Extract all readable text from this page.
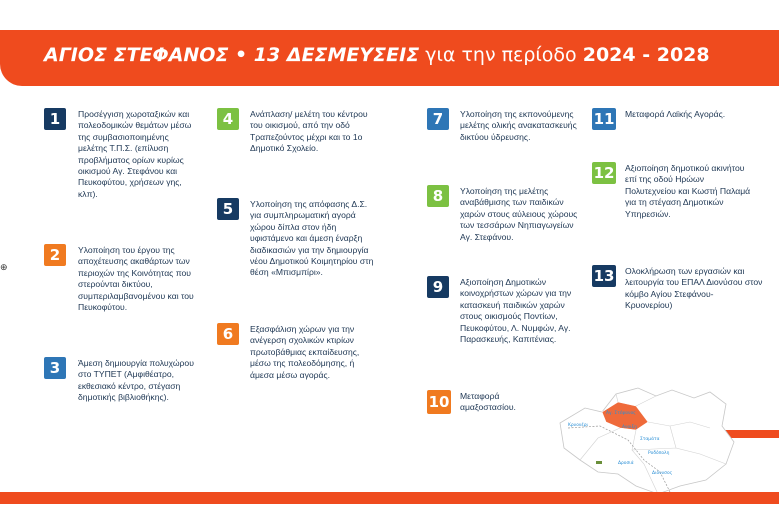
ΑΓΙΟΣ ΣΤΕΦΑΝΟΣ • 13 ΔΕΣΜΕΥΣΕΙΣ για την περίοδο 2024 - 2028
⊕
1	Προσέγγιση χωροταξικών και πολεοδομικών θεμάτων μέσω της συμβασιοποιημένης μελέτης Τ.Π.Σ. (επίλυση προβλήματος ορίων κυρίως οικισμού Αγ. Στεφάνου και Πευκοφύτου, χρήσεων γης, κλπ).
2	Υλοποίηση του έργου της αποχέτευσης ακαθάρτων των περιοχών της Κοινότητας που στερούνται δικτύου, συμπεριλαμβανομένου και του Πευκοφύτου.
3	Άμεση δημιουργία πολυχώρου στο ΤΥΠΕΤ (Αμφιθέατρο, εκθεσιακό κέντρο, στέγαση δημοτικής βιβλιοθήκης).
4	Ανάπλαση/ μελέτη του κέντρου του οικισμού, από την οδό Τραπεζούντος μέχρι και το 1ο Δημοτικό Σχολείο.
5	Υλοποίηση της απόφασης Δ.Σ. για συμπληρωματική αγορά χώρου δίπλα στον ήδη υφιστάμενο και άμεση έναρξη διαδικασιών για την δημιουργία νέου Δημοτικού Κοιμητηρίου στη θέση «Μπισμπίρι».
6	Εξασφάλιση χώρων για την ανέγερση σχολικών κτιρίων πρωτοβάθμιας εκπαίδευσης, μέσω της πολεοδόμησης, ή άμεσα μέσω αγοράς.
7	Υλοποίηση της εκπονούμενης μελέτης ολικής ανακατασκευής δικτύου ύδρευσης.
8	Υλοποίηση της μελέτης αναβάθμισης των παιδικών χαρών στους αύλειους χώρους των τεσσάρων Νηπιαγωγείων Αγ. Στεφάνου.
9	Αξιοποίηση Δημοτικών κοινοχρήστων χώρων για την κατασκευή παιδικών χαρών στους οικισμούς Ποντίων, Πευκοφύτου, Λ. Νυμφών, Αγ. Παρασκευής, Καπιτένιας.
10 Μεταφορά αμαξοστασίου.
11 Μεταφορά Λαϊκής Αγοράς.
12 Αξιοποίηση δημοτικού ακινήτου επί της οδού Ηρώων Πολυτεχνείου και Κωστή Παλαμά για τη στέγαση Δημοτικών Υπηρεσιών.
13 Ολοκλήρωση των εργασιών και λειτουργία του ΕΠΑΛ Διονύσου στον κόμβο Αγίου Στεφάνου- Κρυονερίου)
Άγ. Στέφανος
Κρυονέρι	Ανοιξη
Σταμάτα
Ροδόπολη
Δροσιά
Διόνυσος
